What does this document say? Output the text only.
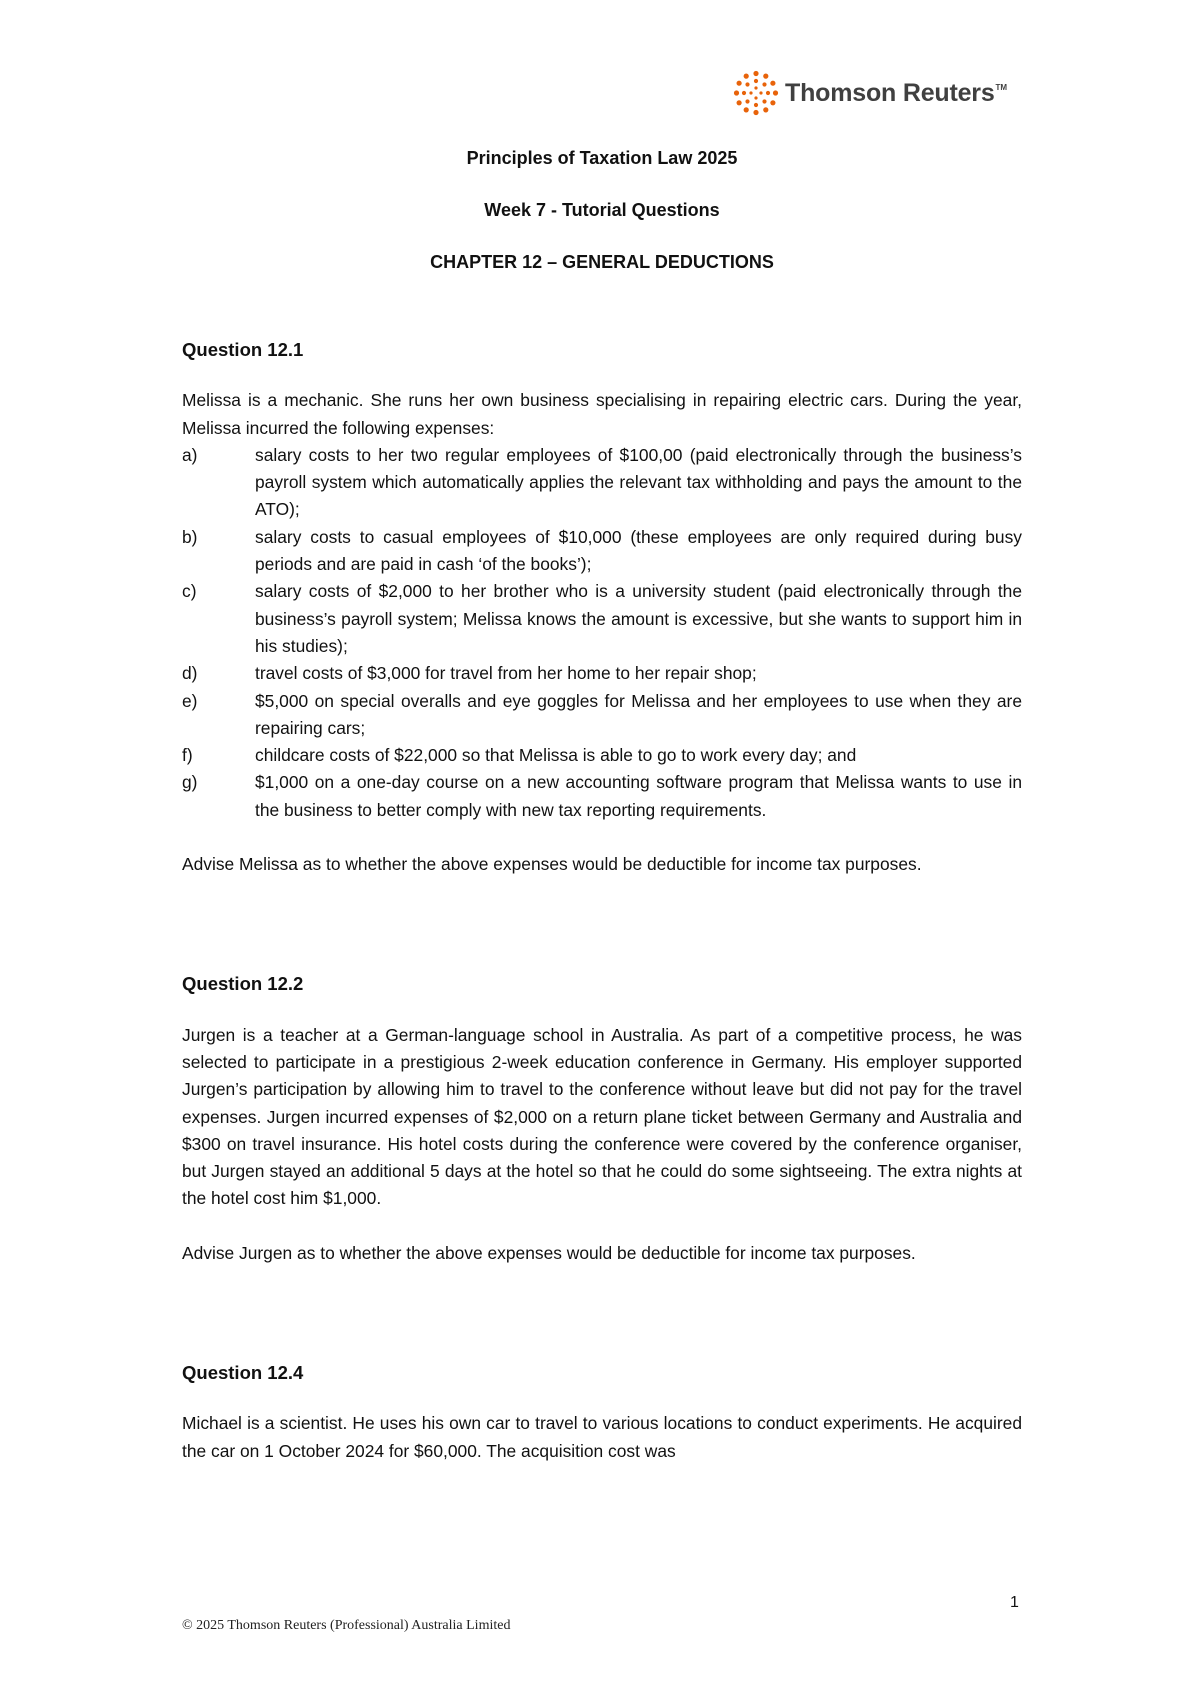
Thomson Reuters TM
Principles of Taxation Law 2025
Week 7 - Tutorial Questions
CHAPTER 12 – GENERAL DEDUCTIONS
Question 12.1

Melissa is a mechanic. She runs her own business specialising in repairing electric cars. During the year, Melissa incurred the following expenses:

a)	salary costs to her two regular employees of $100,00 (paid electronically through the business’s payroll system which automatically applies the relevant tax withholding and pays the amount to the ATO);
b)	salary costs to casual employees of $10,000 (these employees are only required during busy periods and are paid in cash ‘of the books’);
c)	salary costs of $2,000 to her brother who is a university student (paid electronically through the business’s payroll system; Melissa knows the amount is excessive, but she wants to support him in his studies);
d)	travel costs of $3,000 for travel from her home to her repair shop;
e)	$5,000 on special overalls and eye goggles for Melissa and her employees to use when they are repairing cars;
f)	childcare costs of $22,000 so that Melissa is able to go to work every day; and
g)	$1,000 on a one-day course on a new accounting software program that Melissa wants to use in the business to better comply with new tax reporting requirements.

Advise Melissa as to whether the above expenses would be deductible for income tax purposes.

Question 12.2

Jurgen is a teacher at a German-language school in Australia. As part of a competitive process, he was selected to participate in a prestigious 2-week education conference in Germany. His employer supported Jurgen’s participation by allowing him to travel to the conference without leave but did not pay for the travel expenses. Jurgen incurred expenses of $2,000 on a return plane ticket between Germany and Australia and $300 on travel insurance. His hotel costs during the conference were covered by the conference organiser, but Jurgen stayed an additional 5 days at the hotel so that he could do some sightseeing. The extra nights at the hotel cost him $1,000.

Advise Jurgen as to whether the above expenses would be deductible for income tax purposes.

Question 12.4

Michael is a scientist. He uses his own car to travel to various locations to conduct experiments. He acquired the car on 1 October 2024 for $60,000. The acquisition cost was

1
© 2025 Thomson Reuters (Professional) Australia Limited
